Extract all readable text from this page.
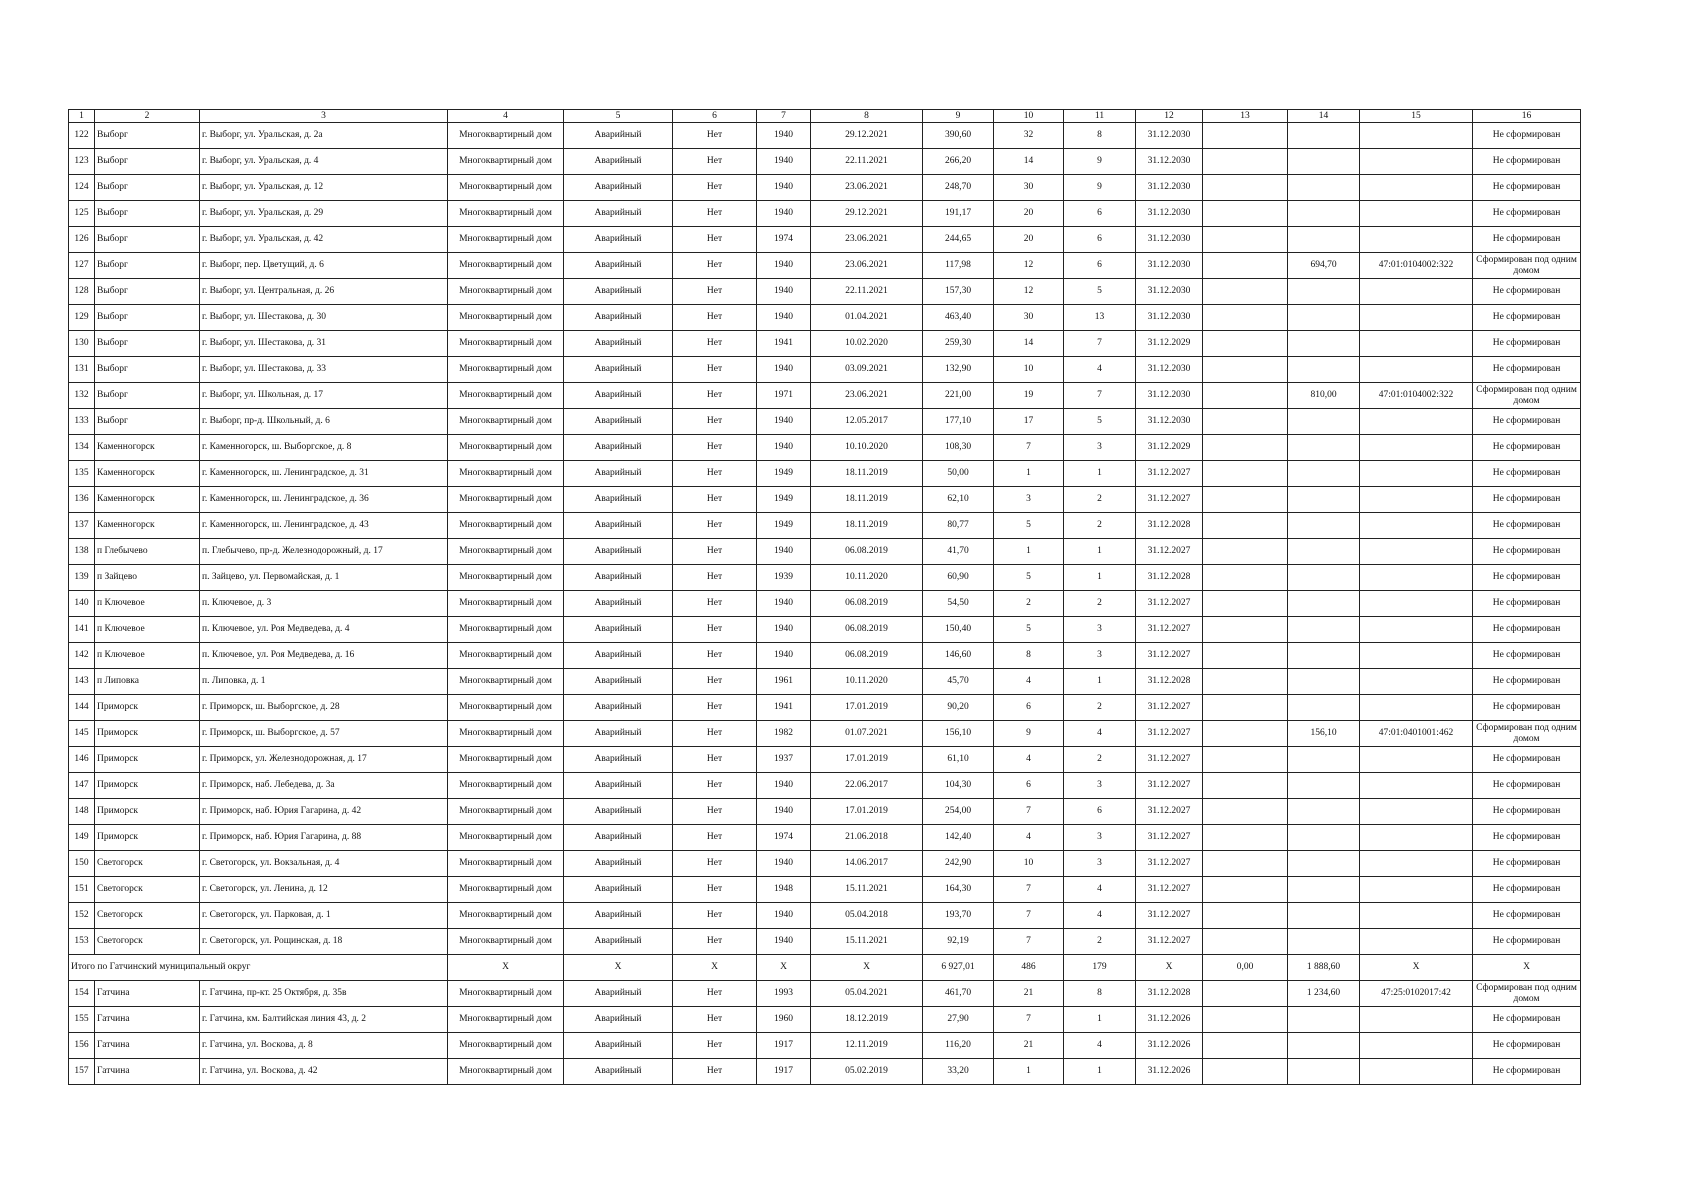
1	2	3	4	5	6	7	8	9	10	11	12	13	14	15	16
122	Выборг	г. Выборг, ул. Уральская, д. 2а	Многоквартирный дом	Аварийный	Нет	1940	29.12.2021	390,60	32	8	31.12.2030				Не сформирован
123	Выборг	г. Выборг, ул. Уральская, д. 4	Многоквартирный дом	Аварийный	Нет	1940	22.11.2021	266,20	14	9	31.12.2030				Не сформирован
124	Выборг	г. Выборг, ул. Уральская, д. 12	Многоквартирный дом	Аварийный	Нет	1940	23.06.2021	248,70	30	9	31.12.2030				Не сформирован
125	Выборг	г. Выборг, ул. Уральская, д. 29	Многоквартирный дом	Аварийный	Нет	1940	29.12.2021	191,17	20	6	31.12.2030				Не сформирован
126	Выборг	г. Выборг, ул. Уральская, д. 42	Многоквартирный дом	Аварийный	Нет	1974	23.06.2021	244,65	20	6	31.12.2030				Не сформирован
127	Выборг	г. Выборг, пер. Цветущий, д. 6	Многоквартирный дом	Аварийный	Нет	1940	23.06.2021	117,98	12	6	31.12.2030		694,70	47:01:0104002:322	Сформирован под одним домом
128	Выборг	г. Выборг, ул. Центральная, д. 26	Многоквартирный дом	Аварийный	Нет	1940	22.11.2021	157,30	12	5	31.12.2030				Не сформирован
129	Выборг	г. Выборг, ул. Шестакова, д. 30	Многоквартирный дом	Аварийный	Нет	1940	01.04.2021	463,40	30	13	31.12.2030				Не сформирован
130	Выборг	г. Выборг, ул. Шестакова, д. 31	Многоквартирный дом	Аварийный	Нет	1941	10.02.2020	259,30	14	7	31.12.2029				Не сформирован
131	Выборг	г. Выборг, ул. Шестакова, д. 33	Многоквартирный дом	Аварийный	Нет	1940	03.09.2021	132,90	10	4	31.12.2030				Не сформирован
132	Выборг	г. Выборг, ул. Школьная, д. 17	Многоквартирный дом	Аварийный	Нет	1971	23.06.2021	221,00	19	7	31.12.2030		810,00	47:01:0104002:322	Сформирован под одним домом
133	Выборг	г. Выборг, пр-д. Школьный, д. 6	Многоквартирный дом	Аварийный	Нет	1940	12.05.2017	177,10	17	5	31.12.2030				Не сформирован
134	Каменногорск	г. Каменногорск, ш. Выборгское, д. 8	Многоквартирный дом	Аварийный	Нет	1940	10.10.2020	108,30	7	3	31.12.2029				Не сформирован
135	Каменногорск	г. Каменногорск, ш. Ленинградское, д. 31	Многоквартирный дом	Аварийный	Нет	1949	18.11.2019	50,00	1	1	31.12.2027				Не сформирован
136	Каменногорск	г. Каменногорск, ш. Ленинградское, д. 36	Многоквартирный дом	Аварийный	Нет	1949	18.11.2019	62,10	3	2	31.12.2027				Не сформирован
137	Каменногорск	г. Каменногорск, ш. Ленинградское, д. 43	Многоквартирный дом	Аварийный	Нет	1949	18.11.2019	80,77	5	2	31.12.2028				Не сформирован
138	п Глебычево	п. Глебычево, пр-д. Железнодорожный, д. 17	Многоквартирный дом	Аварийный	Нет	1940	06.08.2019	41,70	1	1	31.12.2027				Не сформирован
139	п Зайцево	п. Зайцево, ул. Первомайская, д. 1	Многоквартирный дом	Аварийный	Нет	1939	10.11.2020	60,90	5	1	31.12.2028				Не сформирован
140	п Ключевое	п. Ключевое, д. 3	Многоквартирный дом	Аварийный	Нет	1940	06.08.2019	54,50	2	2	31.12.2027				Не сформирован
141	п Ключевое	п. Ключевое, ул. Роя Медведева, д. 4	Многоквартирный дом	Аварийный	Нет	1940	06.08.2019	150,40	5	3	31.12.2027				Не сформирован
142	п Ключевое	п. Ключевое, ул. Роя Медведева, д. 16	Многоквартирный дом	Аварийный	Нет	1940	06.08.2019	146,60	8	3	31.12.2027				Не сформирован
143	п Липовка	п. Липовка, д. 1	Многоквартирный дом	Аварийный	Нет	1961	10.11.2020	45,70	4	1	31.12.2028				Не сформирован
144	Приморск	г. Приморск, ш. Выборгское, д. 28	Многоквартирный дом	Аварийный	Нет	1941	17.01.2019	90,20	6	2	31.12.2027				Не сформирован
145	Приморск	г. Приморск, ш. Выборгское, д. 57	Многоквартирный дом	Аварийный	Нет	1982	01.07.2021	156,10	9	4	31.12.2027		156,10	47:01:0401001:462	Сформирован под одним домом
146	Приморск	г. Приморск, ул. Железнодорожная, д. 17	Многоквартирный дом	Аварийный	Нет	1937	17.01.2019	61,10	4	2	31.12.2027				Не сформирован
147	Приморск	г. Приморск, наб. Лебедева, д. 3а	Многоквартирный дом	Аварийный	Нет	1940	22.06.2017	104,30	6	3	31.12.2027				Не сформирован
148	Приморск	г. Приморск, наб. Юрия Гагарина, д. 42	Многоквартирный дом	Аварийный	Нет	1940	17.01.2019	254,00	7	6	31.12.2027				Не сформирован
149	Приморск	г. Приморск, наб. Юрия Гагарина, д. 88	Многоквартирный дом	Аварийный	Нет	1974	21.06.2018	142,40	4	3	31.12.2027				Не сформирован
150	Светогорск	г. Светогорск, ул. Вокзальная, д. 4	Многоквартирный дом	Аварийный	Нет	1940	14.06.2017	242,90	10	3	31.12.2027				Не сформирован
151	Светогорск	г. Светогорск, ул. Ленина, д. 12	Многоквартирный дом	Аварийный	Нет	1948	15.11.2021	164,30	7	4	31.12.2027				Не сформирован
152	Светогорск	г. Светогорск, ул. Парковая, д. 1	Многоквартирный дом	Аварийный	Нет	1940	05.04.2018	193,70	7	4	31.12.2027				Не сформирован
153	Светогорск	г. Светогорск, ул. Рощинская, д. 18	Многоквартирный дом	Аварийный	Нет	1940	15.11.2021	92,19	7	2	31.12.2027				Не сформирован
Итого по Гатчинский муниципальный округ			X	X	X	X	X	6 927,01	486	179	X	0,00	1 888,60	X	X
154	Гатчина	г. Гатчина, пр-кт. 25 Октября, д. 35в	Многоквартирный дом	Аварийный	Нет	1993	05.04.2021	461,70	21	8	31.12.2028		1 234,60	47:25:0102017:42	Сформирован под одним домом
155	Гатчина	г. Гатчина, км. Балтийская линия 43, д. 2	Многоквартирный дом	Аварийный	Нет	1960	18.12.2019	27,90	7	1	31.12.2026				Не сформирован
156	Гатчина	г. Гатчина, ул. Воскова, д. 8	Многоквартирный дом	Аварийный	Нет	1917	12.11.2019	116,20	21	4	31.12.2026				Не сформирован
157	Гатчина	г. Гатчина, ул. Воскова, д. 42	Многоквартирный дом	Аварийный	Нет	1917	05.02.2019	33,20	1	1	31.12.2026				Не сформирован
